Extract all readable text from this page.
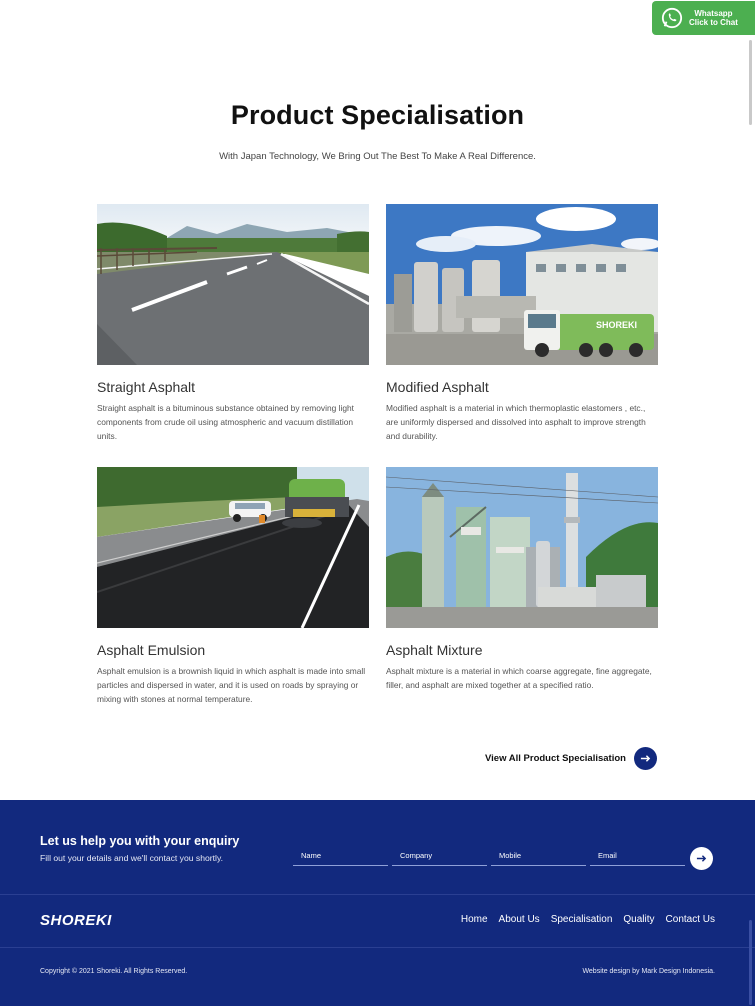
Whatsapp
Click to Chat
Product Specialisation

With Japan Technology, We Bring Out The Best To Make A Real Difference.

Straight Asphalt

Straight asphalt is a bituminous substance obtained by removing light components from crude oil using atmospheric and vacuum distillation units.

SHOREKI
Modified Asphalt

Modified asphalt is a material in which thermoplastic elastomers , etc., are uniformly dispersed and dissolved into asphalt to improve strength and durability.

Asphalt Emulsion

Asphalt emulsion is a brownish liquid in which asphalt is made into small particles and dispersed in water, and it is used on roads by spraying or mixing with stones at normal temperature.

Asphalt Mixture

Asphalt mixture is a material in which coarse aggregate, fine aggregate, filler, and asphalt are mixed together at a specified ratio.

View All Product Specialisation
Let us help you with your enquiry
Fill out your details and we'll contact you shortly.	Name	Company	Mobile	Email
SHOREKI	Home About Us Specialisation Quality Contact Us
Copyright © 2021 Shoreki. All Rights Reserved.	Website design by Mark Design Indonesia.
